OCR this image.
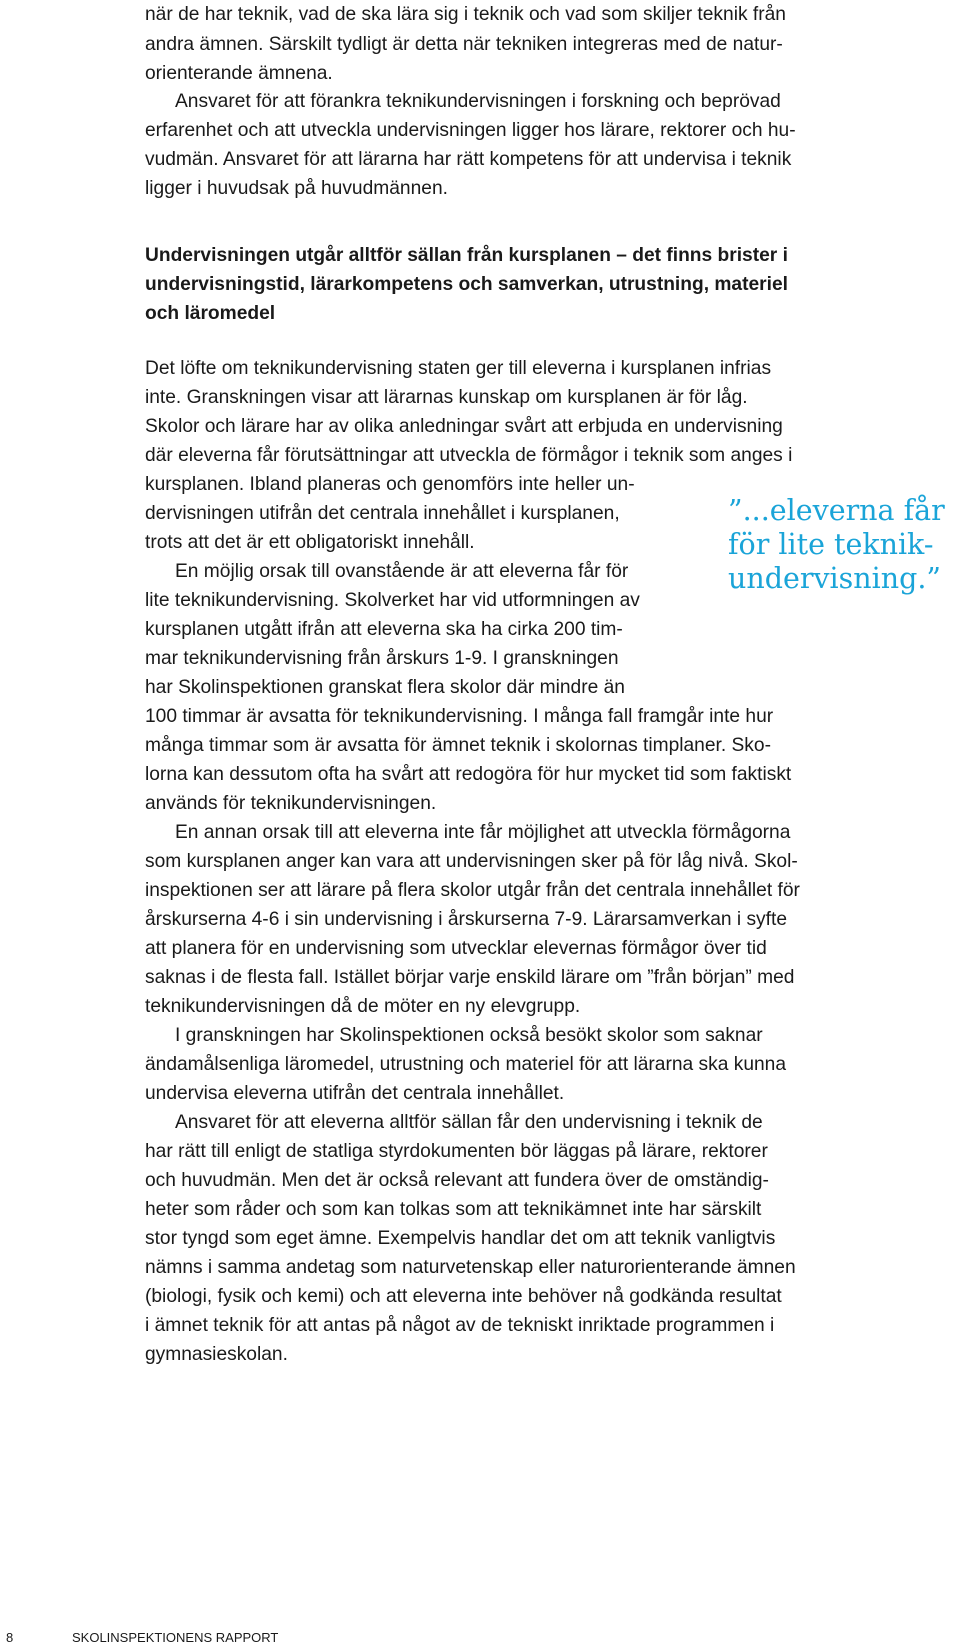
när de har teknik, vad de ska lära sig i teknik och vad som skiljer teknik från
andra ämnen. Särskilt tydligt är detta när tekniken integreras med de natur-
orienterande ämnena.
Ansvaret för att förankra teknikundervisningen i forskning och beprövad
erfarenhet och att utveckla undervisningen ligger hos lärare, rektorer och hu-
vudmän. Ansvaret för att lärarna har rätt kompetens för att undervisa i teknik
ligger i huvudsak på huvudmännen.
Undervisningen utgår alltför sällan från kursplanen – det finns brister i
undervisningstid, lärarkompetens och samverkan, utrustning, materiel
och läromedel
Det löfte om teknikundervisning staten ger till eleverna i kursplanen infrias
inte. Granskningen visar att lärarnas kunskap om kursplanen är för låg.
Skolor och lärare har av olika anledningar svårt att erbjuda en undervisning
där eleverna får förutsättningar att utveckla de förmågor i teknik som anges i
kursplanen. Ibland planeras och genomförs inte heller un-
dervisningen utifrån det centrala innehållet i kursplanen,
trots att det är ett obligatoriskt innehåll.
En möjlig orsak till ovanstående är att eleverna får för
lite teknikundervisning. Skolverket har vid utformningen av
kursplanen utgått ifrån att eleverna ska ha cirka 200 tim-
mar teknikundervisning från årskurs 1-9. I granskningen
har Skolinspektionen granskat flera skolor där mindre än
100 timmar är avsatta för teknikundervisning. I många fall framgår inte hur
många timmar som är avsatta för ämnet teknik i skolornas timplaner. Sko-
lorna kan dessutom ofta ha svårt att redogöra för hur mycket tid som faktiskt
används för teknikundervisningen.
En annan orsak till att eleverna inte får möjlighet att utveckla förmågorna
som kursplanen anger kan vara att undervisningen sker på för låg nivå. Skol-
inspektionen ser att lärare på flera skolor utgår från det centrala innehållet för
årskurserna 4-6 i sin undervisning i årskurserna 7-9. Lärarsamverkan i syfte
att planera för en undervisning som utvecklar elevernas förmågor över tid
saknas i de flesta fall. Istället börjar varje enskild lärare om ”från början” med
teknikundervisningen då de möter en ny elevgrupp.
I granskningen har Skolinspektionen också besökt skolor som saknar
ändamålsenliga läromedel, utrustning och materiel för att lärarna ska kunna
undervisa eleverna utifrån det centrala innehållet.
Ansvaret för att eleverna alltför sällan får den undervisning i teknik de
har rätt till enligt de statliga styrdokumenten bör läggas på lärare, rektorer
och huvudmän. Men det är också relevant att fundera över de omständig-
heter som råder och som kan tolkas som att teknikämnet inte har särskilt
stor tyngd som eget ämne. Exempelvis handlar det om att teknik vanligtvis
nämns i samma andetag som naturvetenskap eller naturorienterande ämnen
(biologi, fysik och kemi) och att eleverna inte behöver nå godkända resultat
i ämnet teknik för att antas på något av de tekniskt inriktade programmen i
gymnasieskolan.
”...eleverna får
för lite teknik-
undervisning.”
8	SKOLINSPEKTIONENS RAPPORT
